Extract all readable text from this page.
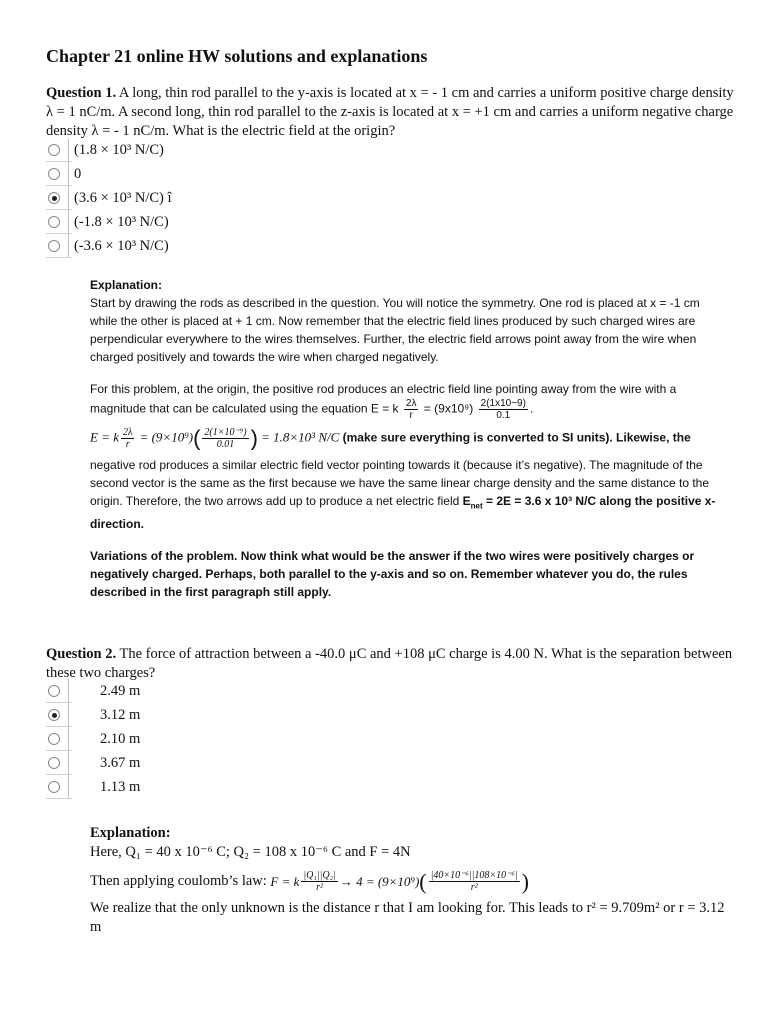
Chapter 21 online HW solutions and explanations
Question 1. A long, thin rod parallel to the y-axis is located at x = - 1 cm and carries a uniform positive charge density λ = 1 nC/m. A second long, thin rod parallel to the z-axis is located at x = +1 cm and carries a uniform negative charge density λ = - 1 nC/m. What is the electric field at the origin?
(1.8 × 10³ N/C)
0
(3.6 × 10³ N/C) î
(-1.8 × 10³ N/C)
(-3.6 × 10³ N/C)

Explanation:

Start by drawing the rods as described in the question. You will notice the symmetry. One rod is placed at x = -1 cm while the other is placed at + 1 cm. Now remember that the electric field lines produced by such charged wires are perpendicular everywhere to the wires themselves. Further, the electric field arrows point away from the wire when charged positively and towards the wire when charged negatively.

For this problem, at the origin, the positive rod produces an electric field line pointing away from the wire with a magnitude that can be calculated using the equation E = k $\frac{2\lambda}{r} = (9x10^9) \frac{2(1x10-9)}{0.1}$ .

E = k $\frac{2\lambda}{r} = (9\times 10^9)( \frac{\text{2(1×10⁻⁹)}}{0.01}$ ) = 1.8×10³ N/C (make sure everything is converted to SI units). Likewise, the

negative rod produces a similar electric field vector pointing towards it (because it’s negative). The magnitude of the second vector is the same as the first because we have the same linear charge density and the same distance to the origin. Therefore, the two arrows add up to produce a net electric field $E_{net} = 2E = 3.6$ x 10³ N/C along the positive x-direction.

Variations of the problem. Now think what would be the answer if the two wires were positively charges or negatively charged. Perhaps, both parallel to the y-axis and so on. Remember whatever you do, the rules described in the first paragraph still apply.

Question 2. The force of attraction between a -40.0 μC and +108 μC charge is 4.00 N. What is the separation between these two charges?
2.49 m
3.12 m
2.10 m
3.67 m
1.13 m
Explanation:
Here, Q₁ = 40 x 10⁻⁶ C; Q₂ = 108 x 10⁻⁶ C and F = 4N
Then applying coulomb’s law:
F = k $\frac{\text{|Q₁||Q₂|}}{\text{r²}} \to 4 = (9\times 10^9)$ ( $\frac{\text{|40×10⁻⁶||108×10⁻⁶|}}{\text{r²}}$ )
We realize that the only unknown is the distance r that I am looking for. This leads to r² = 9.709m² or r = 3.12 m
